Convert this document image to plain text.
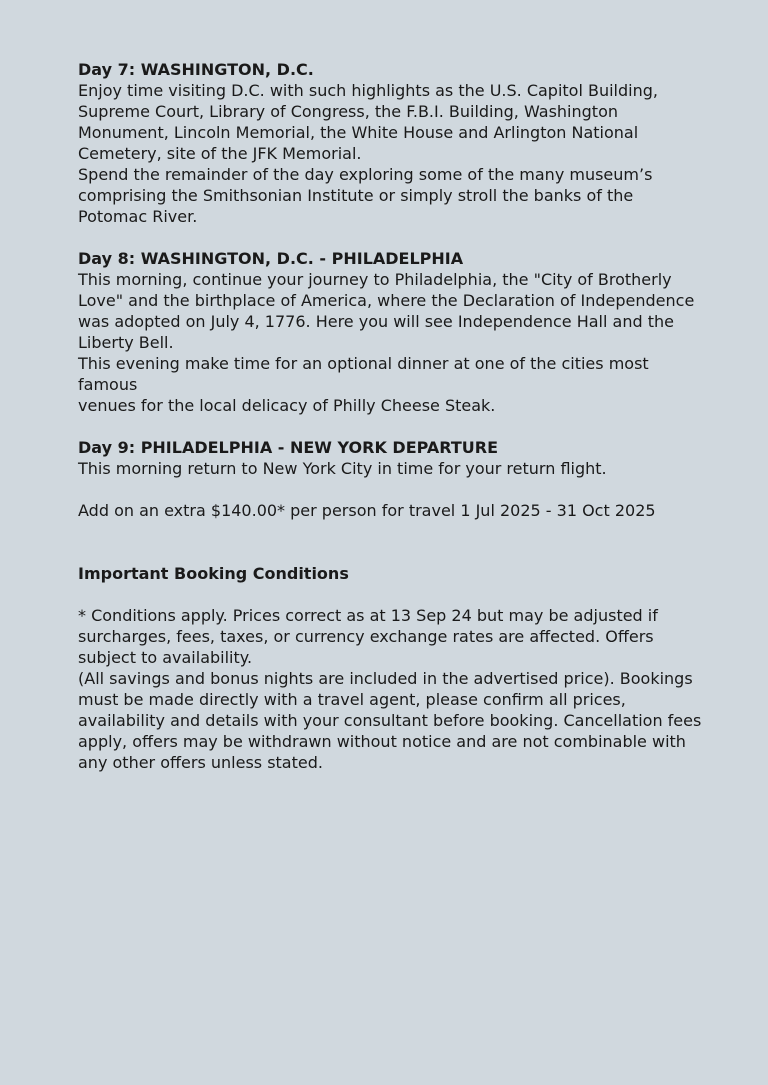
Day 7: WASHINGTON, D.C.

Enjoy time visiting D.C. with such highlights as the U.S. Capitol Building,

Supreme Court, Library of Congress, the F.B.I. Building, Washington

Monument, Lincoln Memorial, the White House and Arlington National

Cemetery, site of the JFK Memorial.

Spend the remainder of the day exploring some of the many museum’s

comprising the Smithsonian Institute or simply stroll the banks of the

Potomac River.

Day 8: WASHINGTON, D.C. - PHILADELPHIA

This morning, continue your journey to Philadelphia, the "City of Brotherly

Love" and the birthplace of America, where the Declaration of Independence

was adopted on July 4, 1776. Here you will see Independence Hall and the

Liberty Bell.

This evening make time for an optional dinner at one of the cities most famous

venues for the local delicacy of Philly Cheese Steak.

Day 9: PHILADELPHIA - NEW YORK DEPARTURE

This morning return to New York City in time for your return flight.

Add on an extra $140.00* per person for travel 1 Jul 2025 - 31 Oct 2025

Important Booking Conditions

* Conditions apply. Prices correct as at 13 Sep 24 but may be adjusted if

surcharges, fees, taxes, or currency exchange rates are affected. Offers

subject to availability.

(All savings and bonus nights are included in the advertised price). Bookings

must be made directly with a travel agent, please confirm all prices,

availability and details with your consultant before booking. Cancellation fees

apply, offers may be withdrawn without notice and are not combinable with

any other offers unless stated.
